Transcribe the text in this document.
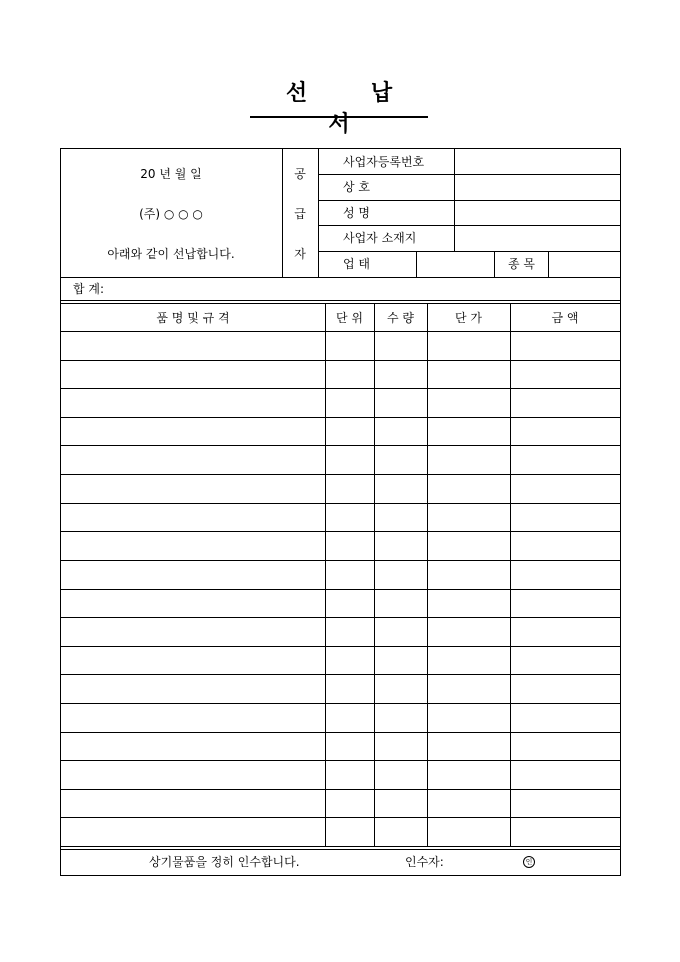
선 납 서
20 년 월 일
(주) ○ ○ ○
아래와 같이 선납합니다.
공
급
자
사업자등록번호
상 호
성 명
사업자 소재지
업 태	종 목
합 계:
품 명 및 규 격	단 위	수 량	단 가	금 액
상기물품을 정히 인수합니다.	인수자:	인
